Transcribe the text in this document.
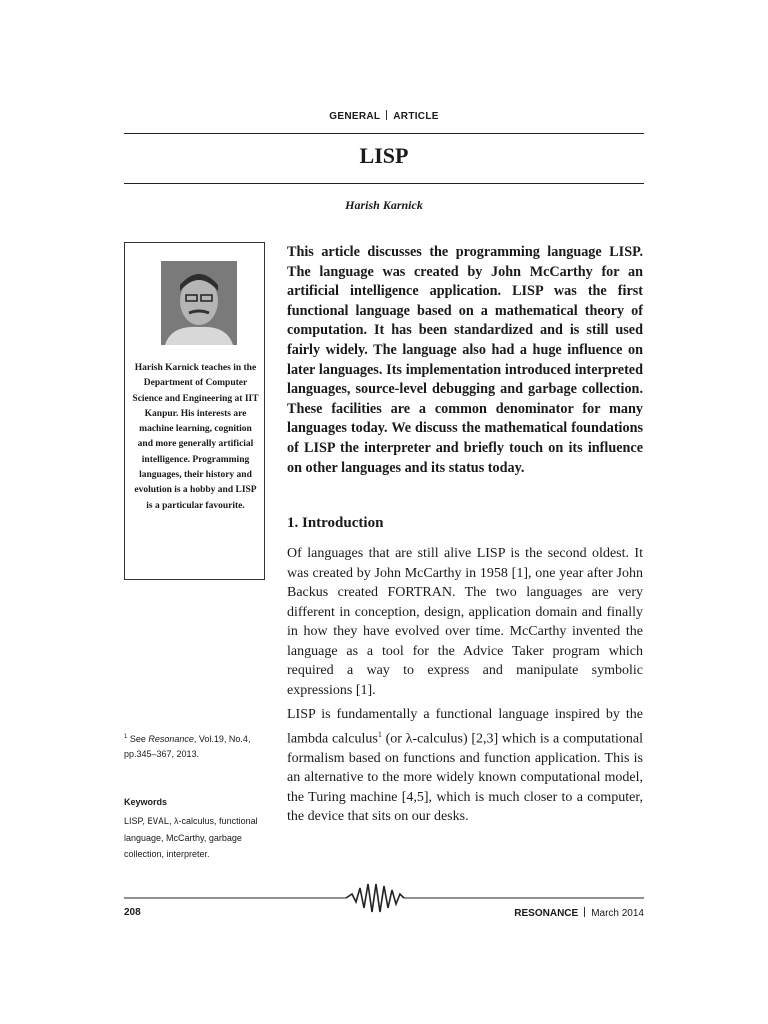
GENERAL ARTICLE
LISP
Harish Karnick
Harish Karnick teaches in the Department of Computer Science and Engineering at IIT Kanpur. His interests are machine learning, cognition and more generally artificial intelligence. Programming languages, their history and evolution is a hobby and LISP is a particular favourite.
This article discusses the programming language LISP. The language was created by John McCarthy for an artificial intelligence application. LISP was the first functional language based on a mathematical theory of computation. It has been standardized and is still used fairly widely. The language also had a huge influence on later languages. Its implementation introduced interpreted languages, source-level debugging and garbage collection. These facilities are a common denominator for many languages today. We discuss the mathematical foundations of LISP the interpreter and briefly touch on its influence on other languages and its status today.
1. Introduction
Of languages that are still alive LISP is the second oldest. It was created by John McCarthy in 1958 [1], one year after John Backus created FORTRAN. The two languages are very different in conception, design, application domain and finally in how they have evolved over time. McCarthy invented the language as a tool for the Advice Taker program which required a way to express and manipulate symbolic expressions [1].
LISP is fundamentally a functional language inspired by the lambda calculus$^1$ (or λ-calculus) [2,3] which is a computational formalism based on functions and function application. This is an alternative to the more widely known computational model, the Turing machine [4,5], which is much closer to a computer, the device that sits on our desks.
$^1$ See Resonance, Vol.19, No.4, pp.345–367, 2013.
Keywords
LISP, EVAL, λ-calculus, functional language, McCarthy, garbage collection, interpreter.
208	RESONANCE March 2014
